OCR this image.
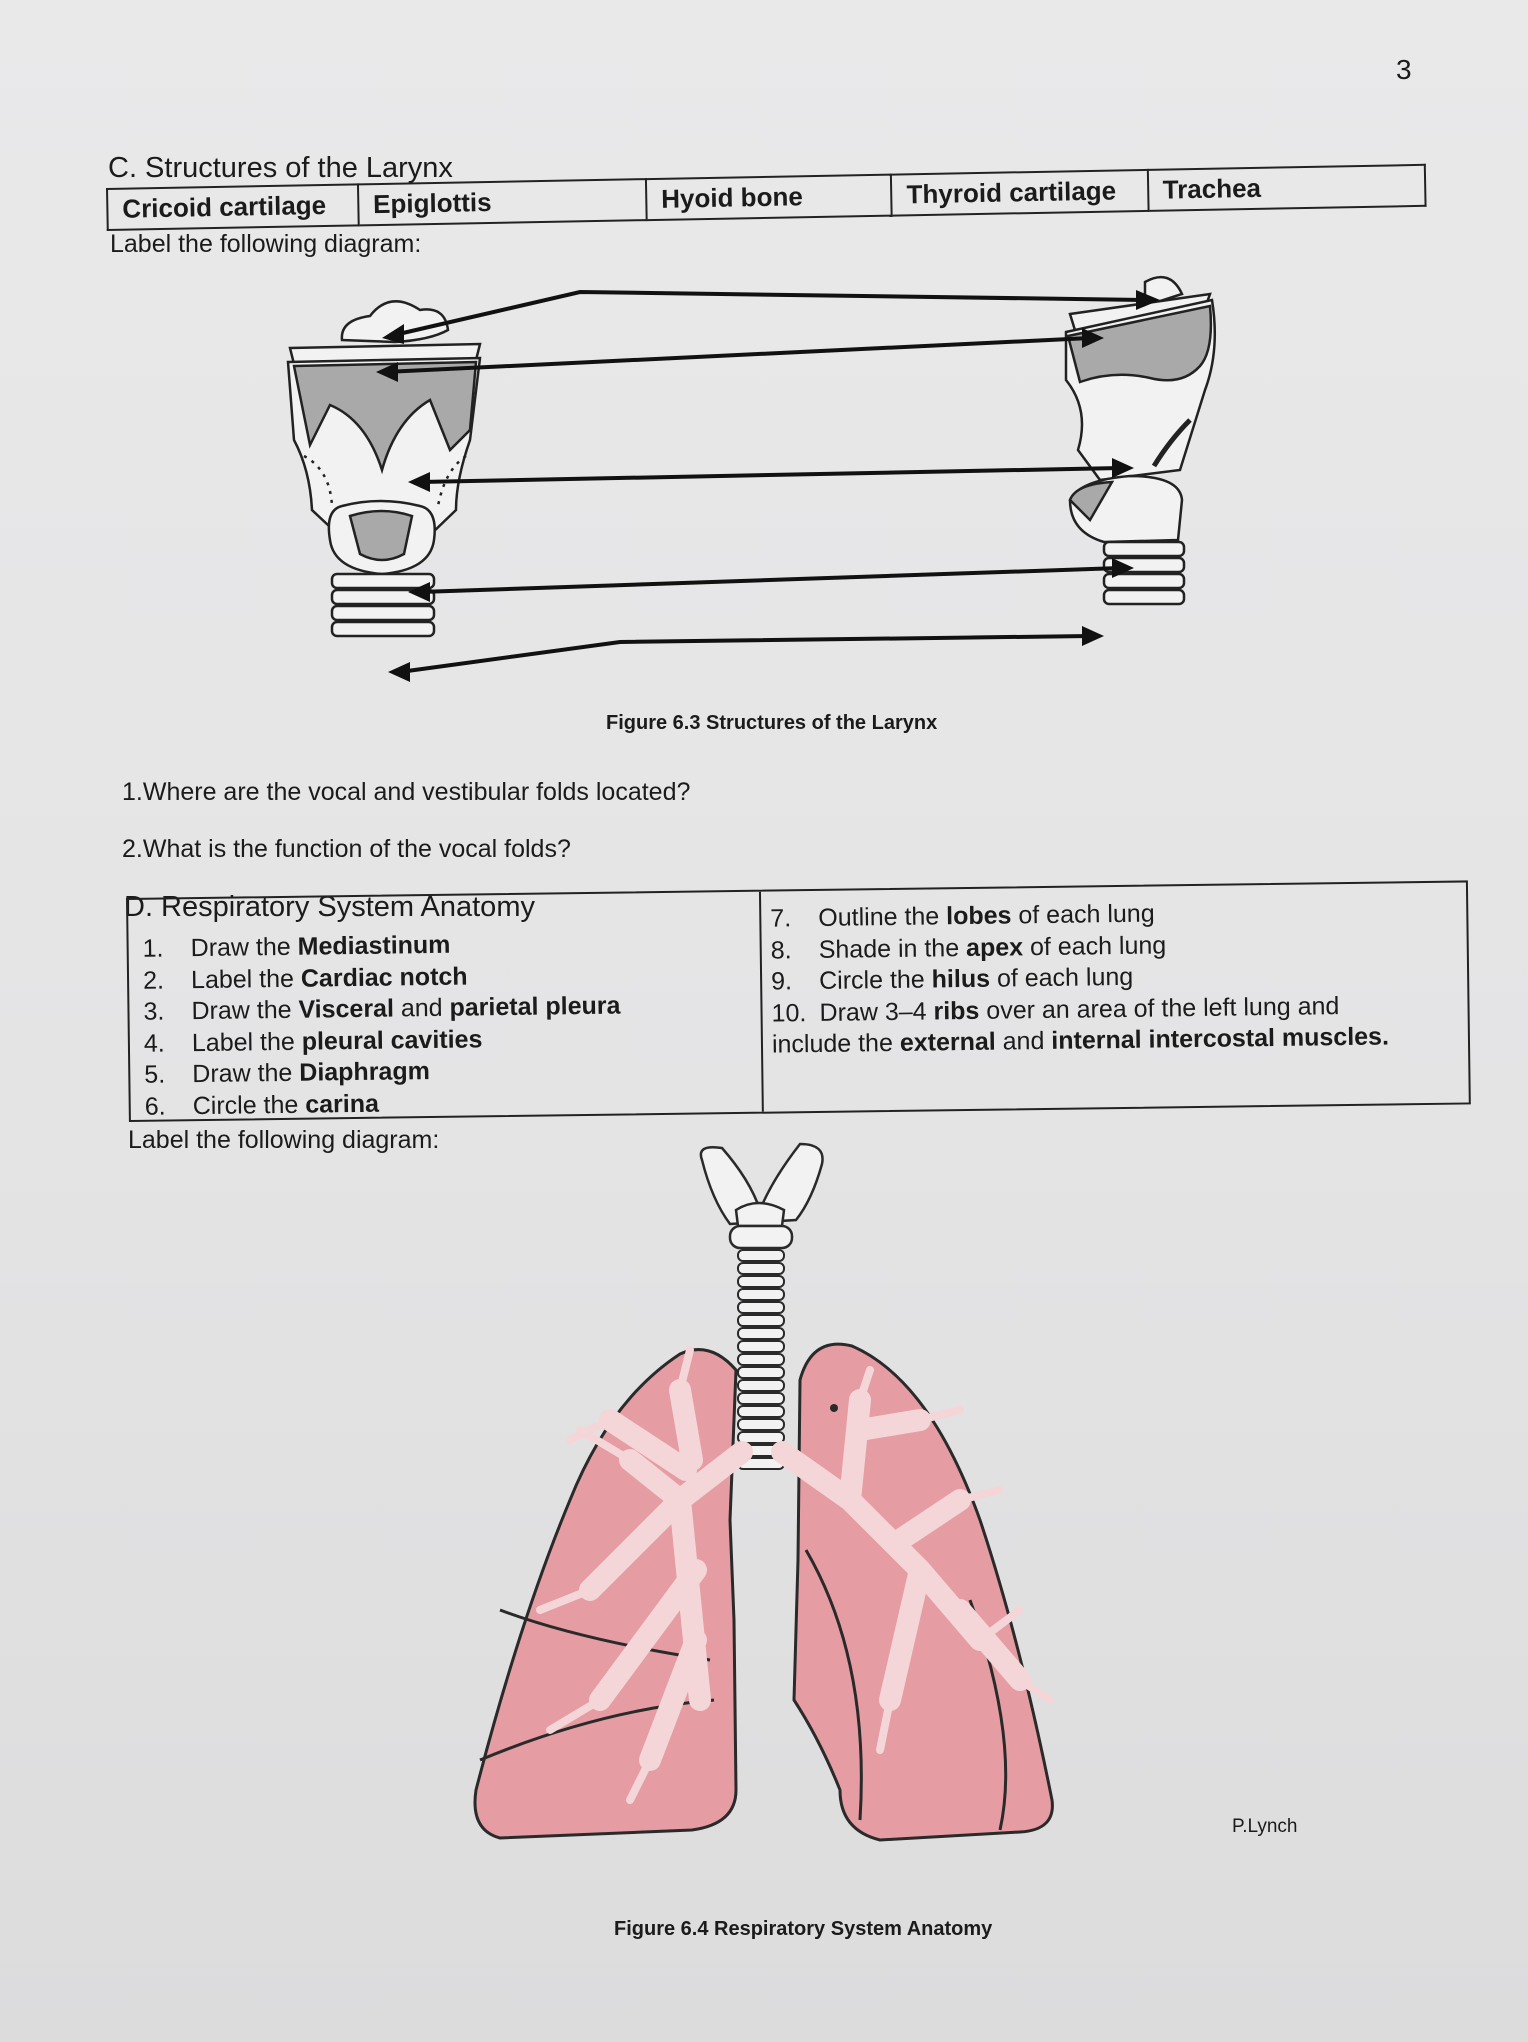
3
C. Structures of the Larynx
Cricoid cartilage	Epiglottis	Hyoid bone	Thyroid cartilage	Trachea
Label the following diagram:
Figure 6.3 Structures of the Larynx
1.Where are the vocal and vestibular folds located?
2.What is the function of the vocal folds?
D. Respiratory System Anatomy
1. Draw the Mediastinum
2. Label the Cardiac notch
3. Draw the Visceral and parietal pleura
4. Label the pleural cavities
5. Draw the Diaphragm
6. Circle the carina
7. Outline the lobes of each lung
8. Shade in the apex of each lung
9. Circle the hilus of each lung
10. Draw 3–4 ribs over an area of the left lung and
include the external and internal intercostal muscles.
Label the following diagram:
P.Lynch
Figure 6.4 Respiratory System Anatomy
